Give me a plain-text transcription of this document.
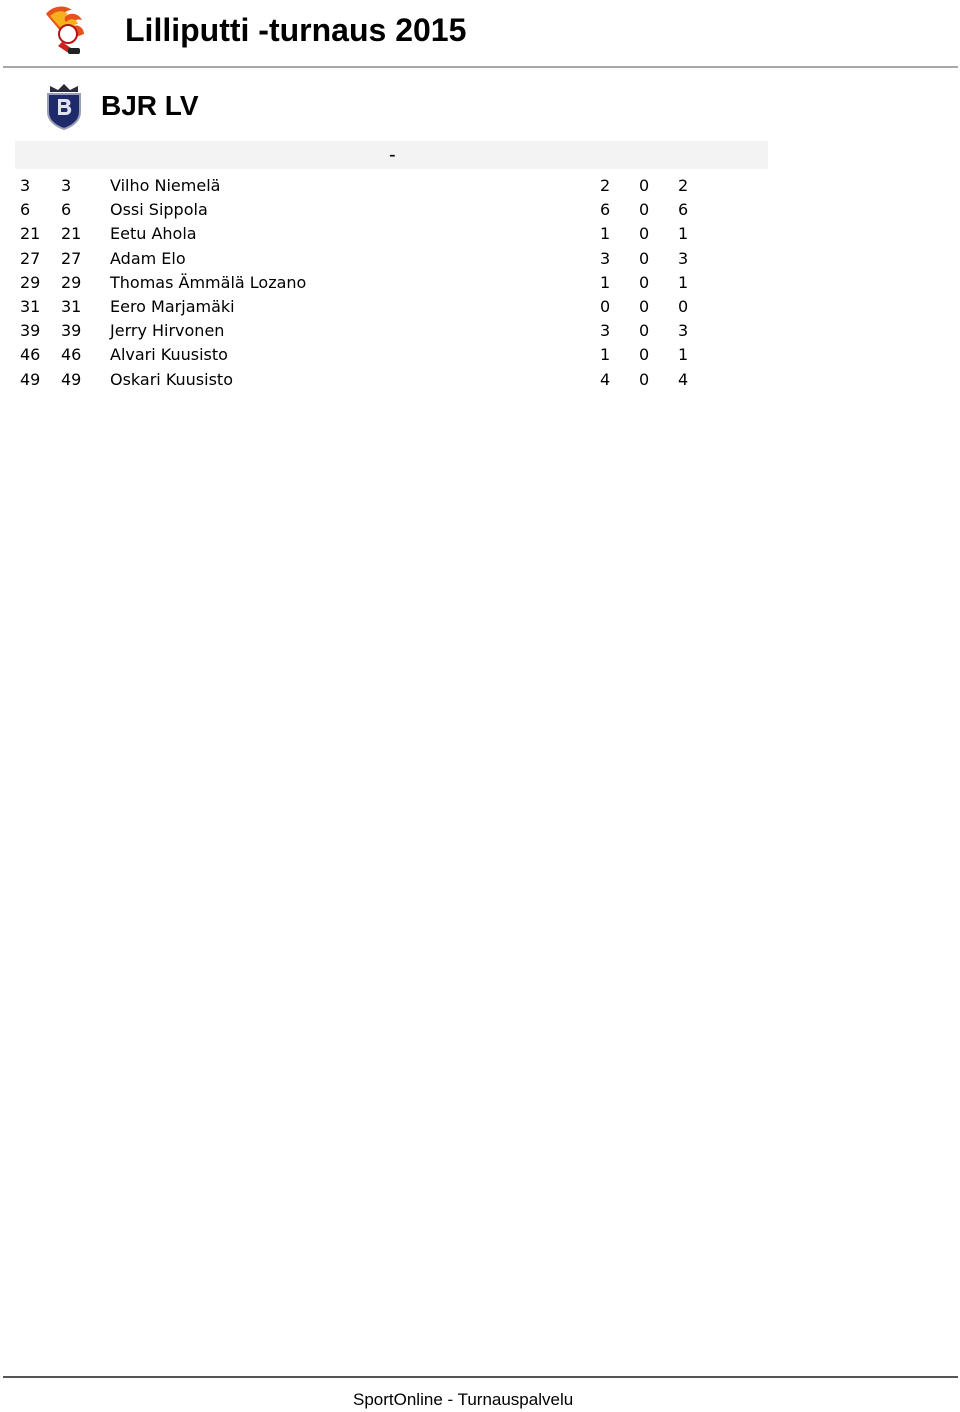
Lilliputti -turnaus 2015
BJR LV
-
3 3 Vilho Niemelä	2 0 2
6 6 Ossi Sippola	6 0 6
21 21 Eetu Ahola	1 0 1
27 27 Adam Elo	3 0 3
29 29 Thomas Ämmälä Lozano	1 0 1
31 31 Eero Marjamäki	0 0 0
39 39 Jerry Hirvonen	3 0 3
46 46 Alvari Kuusisto	1 0 1
49 49 Oskari Kuusisto	4 0 4
SportOnline - Turnauspalvelu
